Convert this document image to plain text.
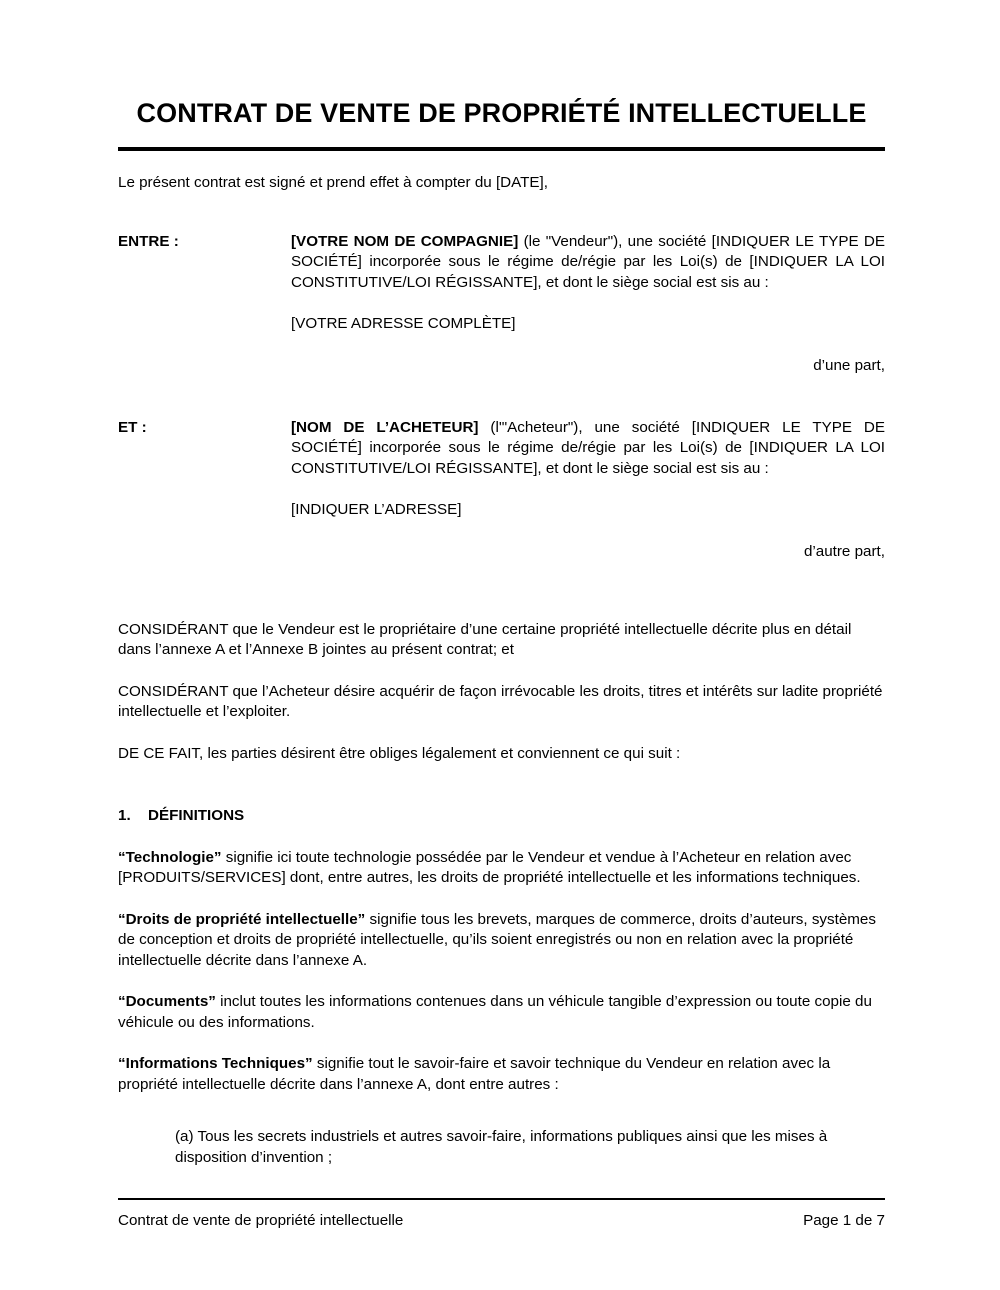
CONTRAT DE VENTE DE PROPRIÉTÉ INTELLECTUELLE

Le présent contrat est signé et prend effet à compter du [DATE],

ENTRE :	[VOTRE NOM DE COMPAGNIE] (le "Vendeur"), une société [INDIQUER LE TYPE DE SOCIÉTÉ] incorporée sous le régime de/régie par les Loi(s) de [INDIQUER LA LOI CONSTITUTIVE/LOI RÉGISSANTE], et dont le siège social est sis au :
[VOTRE ADRESSE COMPLÈTE]
d’une part,
ET :	[NOM DE L’ACHETEUR] (l'"Acheteur"), une société [INDIQUER LE TYPE DE SOCIÉTÉ] incorporée sous le régime de/régie par les Loi(s) de [INDIQUER LA LOI CONSTITUTIVE/LOI RÉGISSANTE], et dont le siège social est sis au :
[INDIQUER L’ADRESSE]
d’autre part,

CONSIDÉRANT que le Vendeur est le propriétaire d’une certaine propriété intellectuelle décrite plus en détail dans l’annexe A et l’Annexe B jointes au présent contrat; et

CONSIDÉRANT que l’Acheteur désire acquérir de façon irrévocable les droits, titres et intérêts sur ladite propriété intellectuelle et l’exploiter.

DE CE FAIT, les parties désirent être obliges légalement et conviennent ce qui suit :

1.	DÉFINITIONS

“Technologie” signifie ici toute technologie possédée par le Vendeur et vendue à l’Acheteur en relation avec [PRODUITS/SERVICES] dont, entre autres, les droits de propriété intellectuelle et les informations techniques.

“Droits de propriété intellectuelle” signifie tous les brevets, marques de commerce, droits d’auteurs, systèmes de conception et droits de propriété intellectuelle, qu’ils soient enregistrés ou non en relation avec la propriété intellectuelle décrite dans l’annexe A.

“Documents” inclut toutes les informations contenues dans un véhicule tangible d’expression ou toute copie du véhicule ou des informations.

“Informations Techniques” signifie tout le savoir-faire et savoir technique du Vendeur en relation avec la propriété intellectuelle décrite dans l’annexe A, dont entre autres :

(a) Tous les secrets industriels et autres savoir-faire, informations publiques ainsi que les mises à disposition d’invention ;

Contrat de vente de propriété intellectuelle	Page 1 de 7
